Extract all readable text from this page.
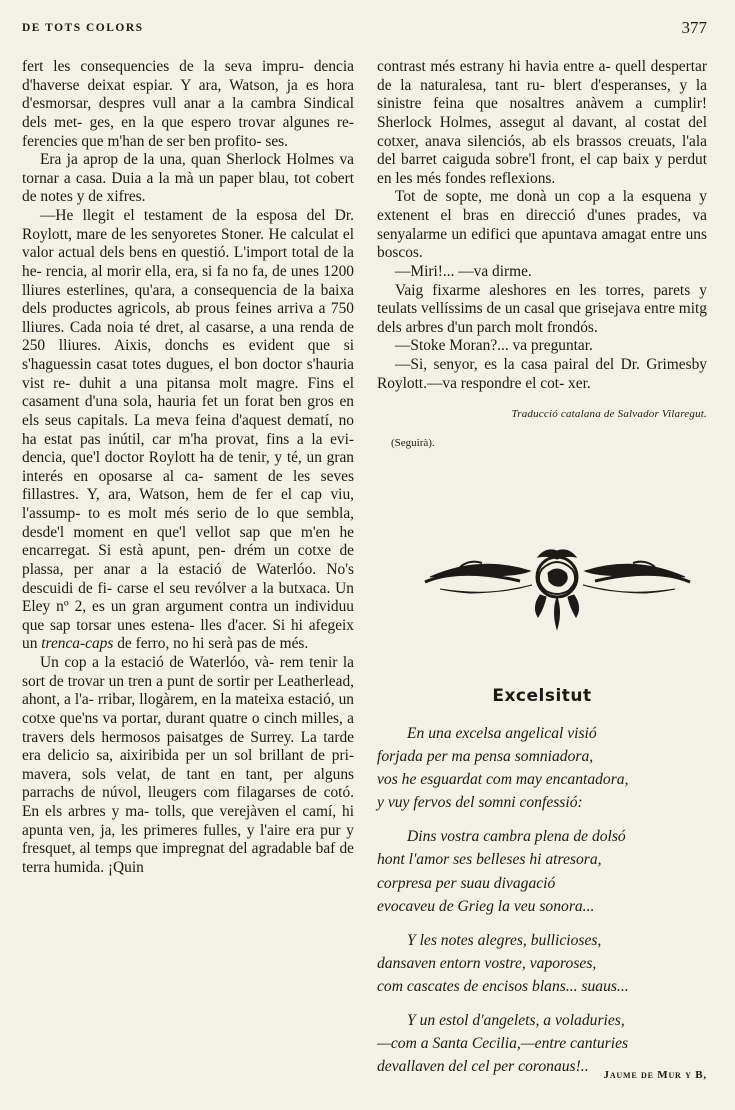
DE TOTS COLORS	377

fert les consequencies de la seva impru- dencia d'haverse deixat espiar. Y ara, Watson, ja es hora d'esmorsar, despres vull anar a la cambra Sindical dels met- ges, en la que espero trovar algunes re- ferencies que m'han de ser ben profito- ses.

Era ja aprop de la una, quan Sherlock Holmes va tornar a casa. Duia a la mà un paper blau, tot cobert de notes y de xifres.

—He llegit el testament de la esposa del Dr. Roylott, mare de les senyoretes Stoner. He calculat el valor actual dels bens en questió. L'import total de la he- rencia, al morir ella, era, si fa no fa, de unes 1200 lliures esterlines, qu'ara, a consequencia de la baixa dels productes agricols, ab prous feines arriva a 750 lliures. Cada noia té dret, al casarse, a una renda de 250 lliures. Aixis, donchs es evident que si s'haguessin casat totes dugues, el bon doctor s'hauria vist re- duhit a una pitansa molt magre. Fins el casament d'una sola, hauria fet un forat ben gros en els seus capitals. La meva feina d'aquest dematí, no ha estat pas inútil, car m'ha provat, fins a la evi- dencia, que'l doctor Roylott ha de tenir, y té, un gran interés en oposarse al ca- sament de les seves fillastres. Y, ara, Watson, hem de fer el cap viu, l'assump- to es molt més serio de lo que sembla, desde'l moment en que'l vellot sap que m'en he encarregat. Si està apunt, pen- drém un cotxe de plassa, per anar a la estació de Waterlóo. No's descuidi de fi- carse el seu revólver a la butxaca. Un Eley nº 2, es un gran argument contra un individuu que sap torsar unes estena- lles d'acer. Si hi afegeix un trenca-caps de ferro, no hi serà pas de més.

Un cop a la estació de Waterlóo, và- rem tenir la sort de trovar un tren a punt de sortir per Leatherlead, ahont, a l'a- rribar, llogàrem, en la mateixa estació, un cotxe que'ns va portar, durant quatre o cinch milles, a travers dels hermosos paisatges de Surrey. La tarde era delicio sa, aixiribida per un sol brillant de pri- mavera, sols velat, de tant en tant, per alguns parrachs de núvol, lleugers com filagarses de cotó. En els arbres y ma- tolls, que verejàven el camí, hi apunta ven, ja, les primeres fulles, y l'aire era pur y fresquet, al temps que impregnat del agradable baf de terra humida. ¡Quin

contrast més estrany hi havia entre a- quell despertar de la naturalesa, tant ru- blert d'esperanses, y la sinistre feina que nosaltres anàvem a cumplir! Sherlock Holmes, assegut al davant, al costat del cotxer, anava silenciós, ab els brassos creuats, l'ala del barret caiguda sobre'l front, el cap baix y perdut en les més fondes reflexions.

Tot de sopte, me donà un cop a la esquena y extenent el bras en direcció d'unes prades, va senyalarme un edifici que apuntava amagat entre uns boscos.

—Miri!... —va dirme.

Vaig fixarme aleshores en les torres, parets y teulats vellíssims de un casal que grisejava entre mitg dels arbres d'un parch molt frondós.

—Stoke Moran?... va preguntar.

—Si, senyor, es la casa pairal del Dr. Grimesby Roylott.—va respondre el cot- xer.

Traducció catalana de Salvador Vilaregut.

(Seguirà).

Excelsitut
En una excelsa angelical visió
forjada per ma pensa somniadora,
vos he esguardat com may encantadora,
y vuy fervos del somni confessió:
Dins vostra cambra plena de dolsó
hont l'amor ses belleses hi atresora,
corpresa per suau divagació
evocaveu de Grieg la veu sonora...
Y les notes alegres, bullicioses,
dansaven entorn vostre, vaporoses,
com cascates de encisos blans... suaus...
Y un estol d'angelets, a voladuries,
—com a Santa Cecilia,—entre canturies
devallaven del cel per coronaus!..	Jaume de Mur y B,
